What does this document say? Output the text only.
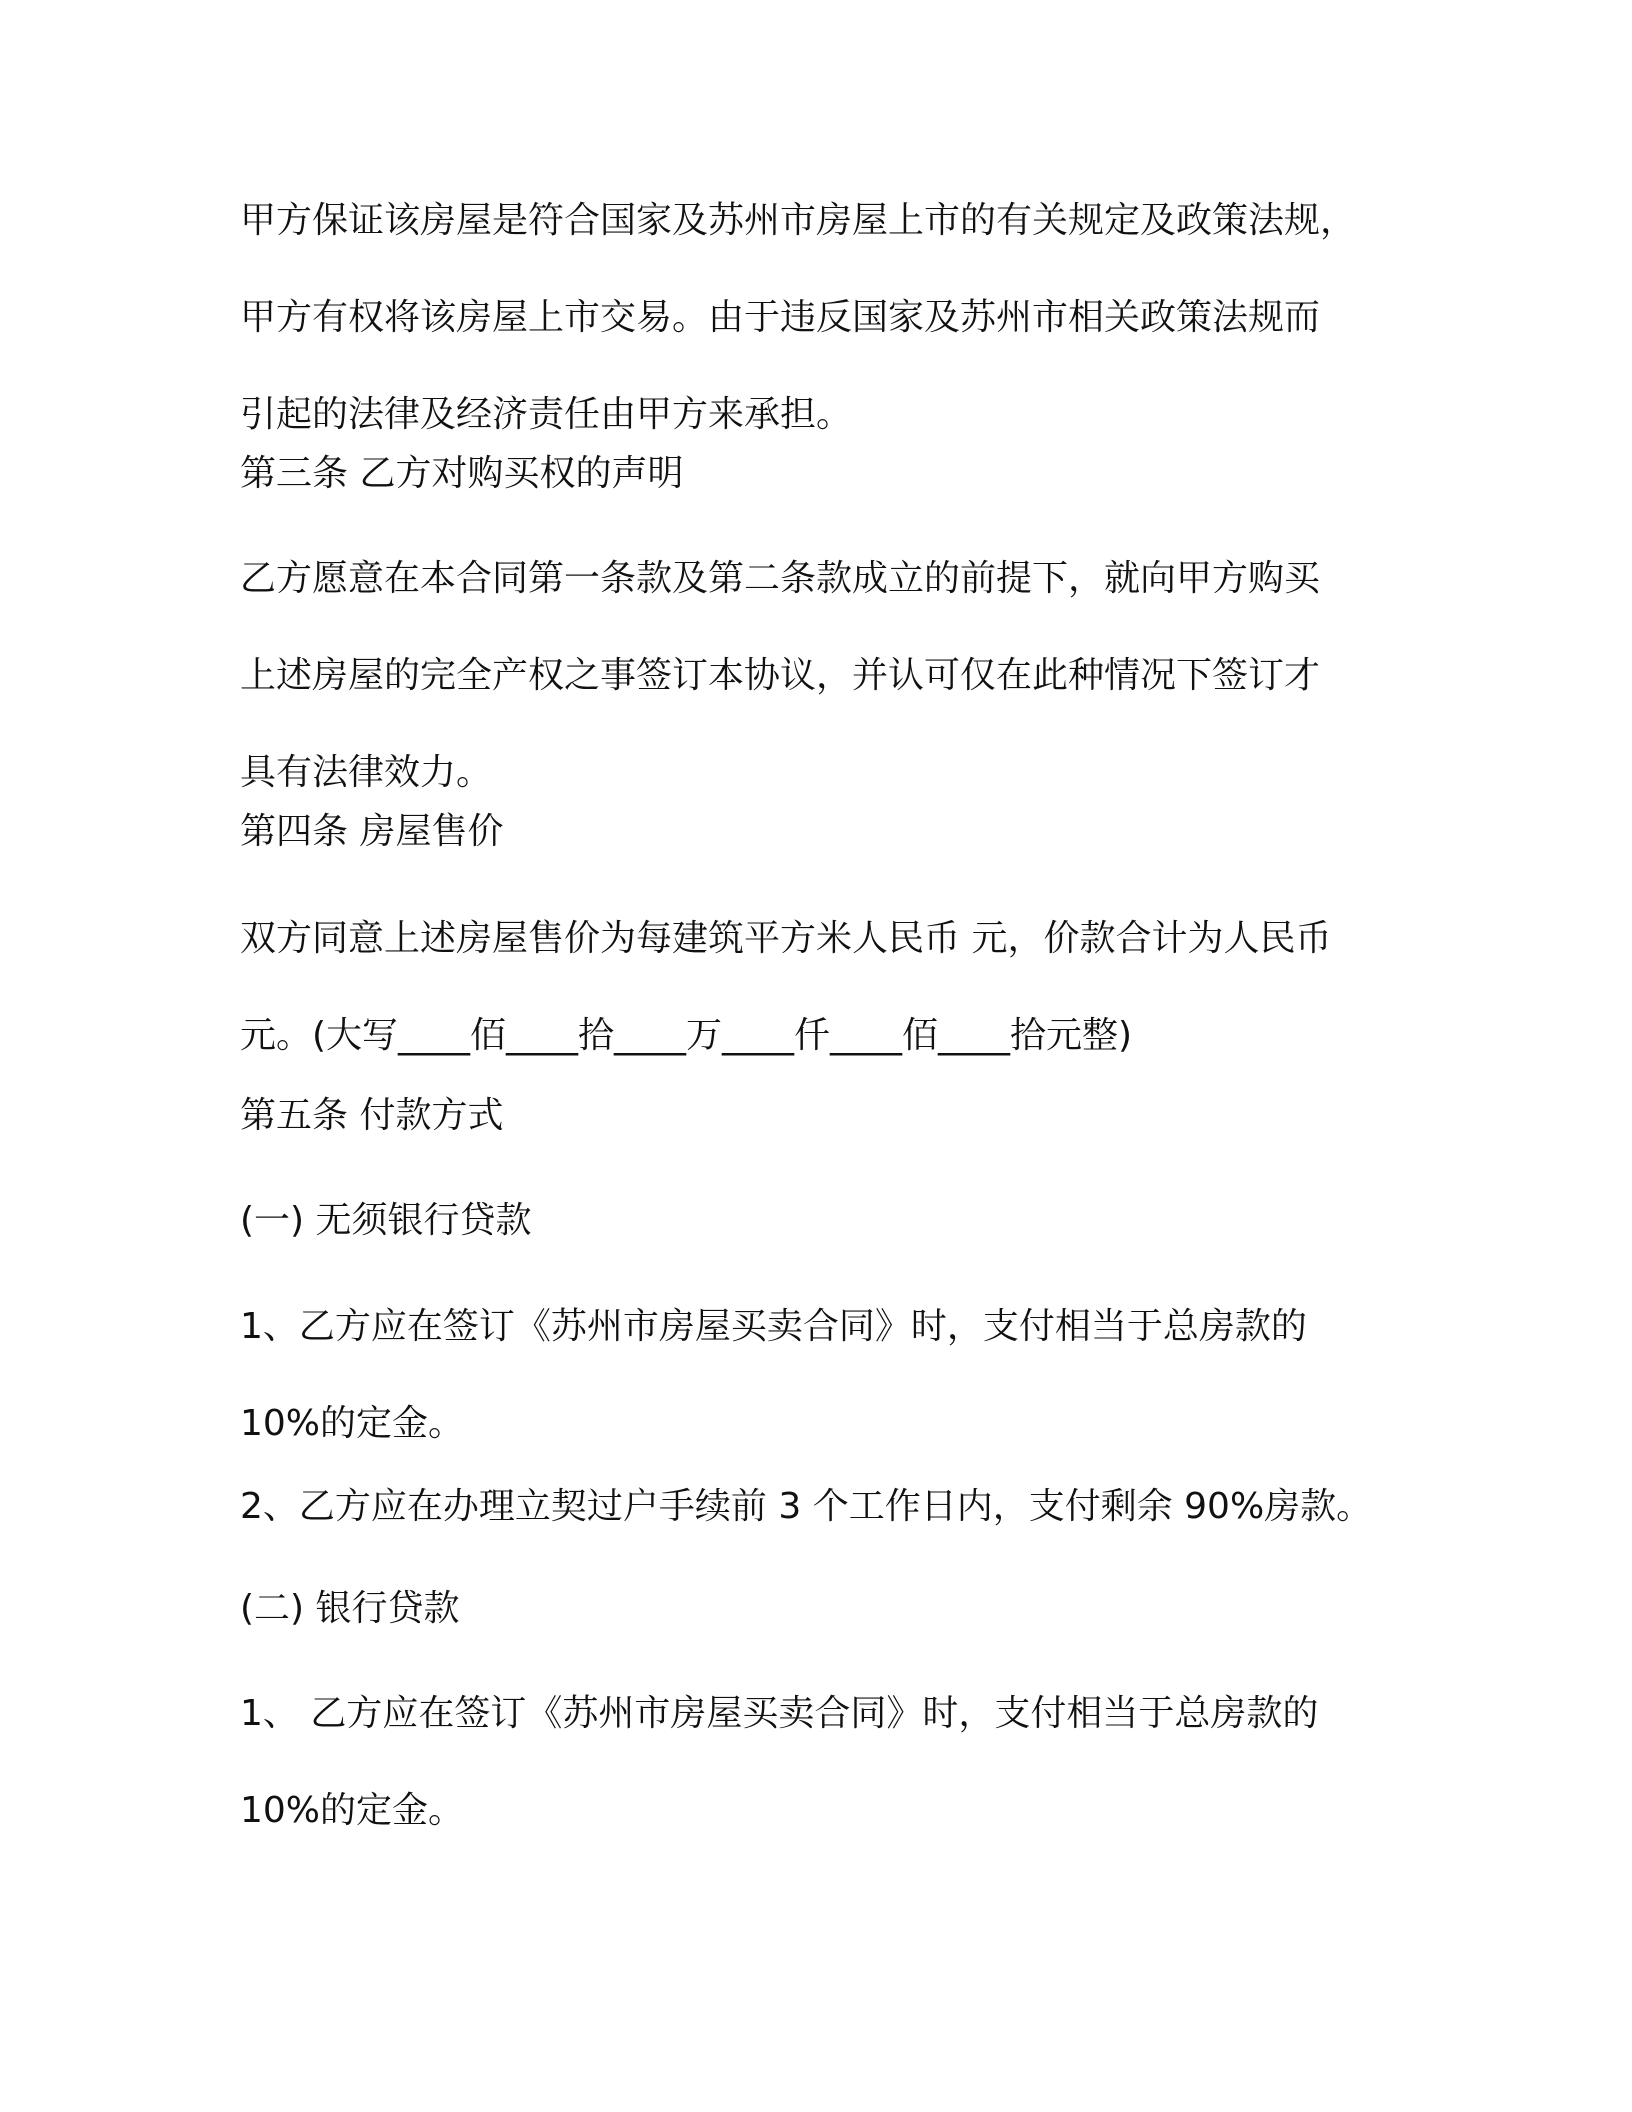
甲方保证该房屋是符合国家及苏州市房屋上市的有关规定及政策法规，
甲方有权将该房屋上市交易。由于违反国家及苏州市相关政策法规而
引起的法律及经济责任由甲方来承担。
第三条 乙方对购买权的声明
乙方愿意在本合同第一条款及第二条款成立的前提下，就向甲方购买
上述房屋的完全产权之事签订本协议，并认可仅在此种情况下签订才
具有法律效力。
第四条 房屋售价
双方同意上述房屋售价为每建筑平方米人民币 元，价款合计为人民币
元。(大写____佰____拾____万____仟____佰____拾元整)
第五条 付款方式
(一) 无须银行贷款
1、乙方应在签订《苏州市房屋买卖合同》时，支付相当于总房款的
10%的定金。
2、乙方应在办理立契过户手续前 3 个工作日内，支付剩余 90%房款。
(二) 银行贷款
1、 乙方应在签订《苏州市房屋买卖合同》时，支付相当于总房款的
10%的定金。
